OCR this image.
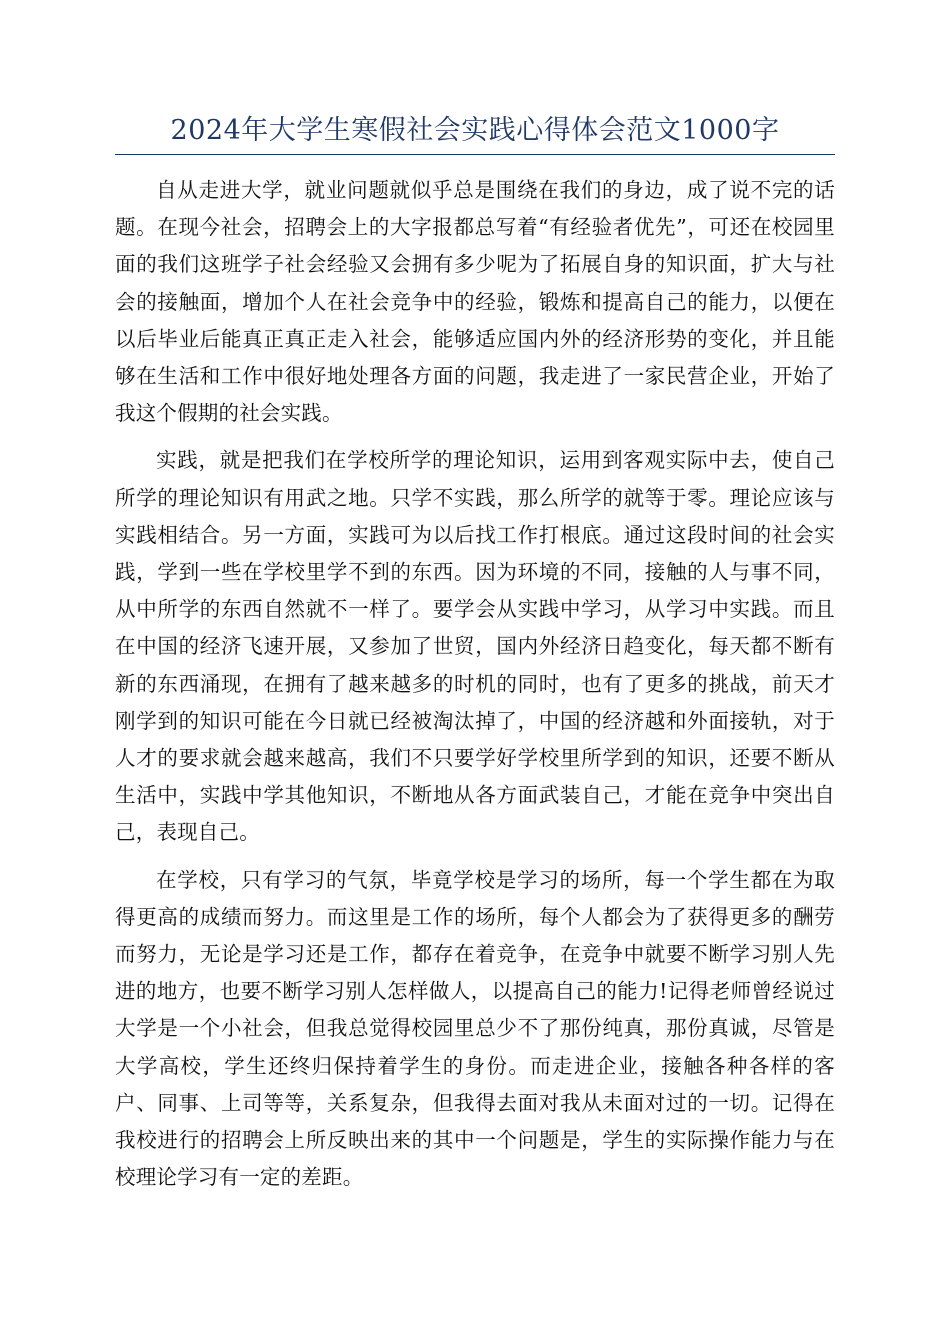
2024年大学生寒假社会实践心得体会范文1000字

自从走进大学，就业问题就似乎总是围绕在我们的身边，成了说不完的话题。在现今社会，招聘会上的大字报都总写着“有经验者优先”，可还在校园里面的我们这班学子社会经验又会拥有多少呢为了拓展自身的知识面，扩大与社会的接触面，增加个人在社会竞争中的经验，锻炼和提高自己的能力，以便在以后毕业后能真正真正走入社会，能够适应国内外的经济形势的变化，并且能够在生活和工作中很好地处理各方面的问题，我走进了一家民营企业，开始了我这个假期的社会实践。

实践，就是把我们在学校所学的理论知识，运用到客观实际中去，使自己所学的理论知识有用武之地。只学不实践，那么所学的就等于零。理论应该与实践相结合。另一方面，实践可为以后找工作打根底。通过这段时间的社会实践，学到一些在学校里学不到的东西。因为环境的不同，接触的人与事不同，从中所学的东西自然就不一样了。要学会从实践中学习，从学习中实践。而且在中国的经济飞速开展，又参加了世贸，国内外经济日趋变化，每天都不断有新的东西涌现，在拥有了越来越多的时机的同时，也有了更多的挑战，前天才刚学到的知识可能在今日就已经被淘汰掉了，中国的经济越和外面接轨，对于人才的要求就会越来越高，我们不只要学好学校里所学到的知识，还要不断从生活中，实践中学其他知识，不断地从各方面武装自己，才能在竞争中突出自己，表现自己。

在学校，只有学习的气氛，毕竟学校是学习的场所，每一个学生都在为取得更高的成绩而努力。而这里是工作的场所，每个人都会为了获得更多的酬劳而努力，无论是学习还是工作，都存在着竞争，在竞争中就要不断学习别人先进的地方，也要不断学习别人怎样做人，以提高自己的能力!记得老师曾经说过大学是一个小社会，但我总觉得校园里总少不了那份纯真，那份真诚，尽管是大学高校，学生还终归保持着学生的身份。而走进企业，接触各种各样的客户、同事、上司等等，关系复杂，但我得去面对我从未面对过的一切。记得在我校进行的招聘会上所反映出来的其中一个问题是，学生的实际操作能力与在校理论学习有一定的差距。
